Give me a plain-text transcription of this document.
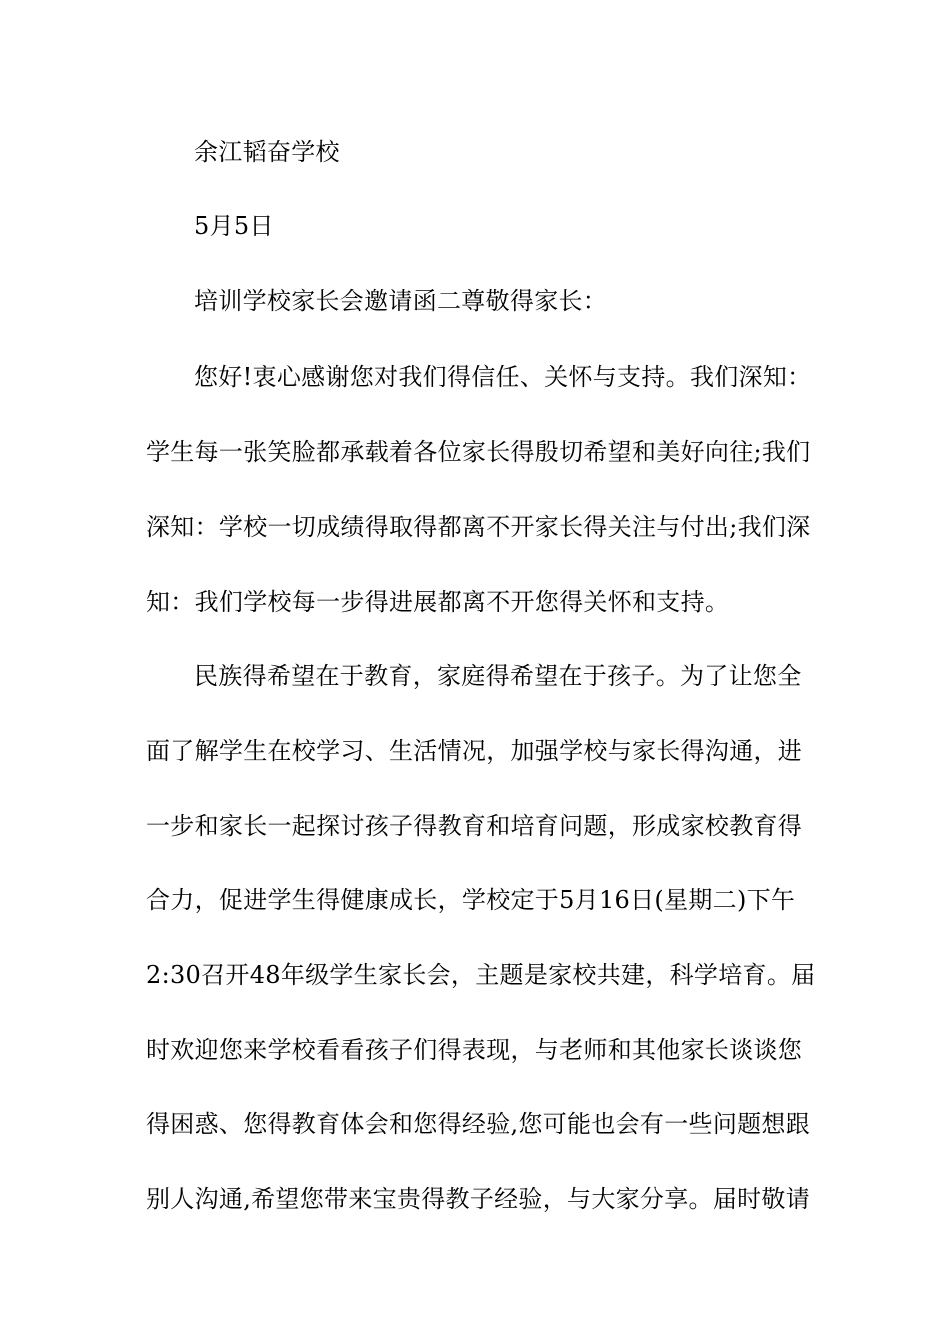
余江韬奋学校
5月5日
培训学校家长会邀请函二尊敬得家长：
您好!衷心感谢您对我们得信任、关怀与支持。我们深知：
学生每一张笑脸都承载着各位家长得殷切希望和美好向往;我们
深知：学校一切成绩得取得都离不开家长得关注与付出;我们深
知：我们学校每一步得进展都离不开您得关怀和支持。
民族得希望在于教育，家庭得希望在于孩子。为了让您全
面了解学生在校学习、生活情况，加强学校与家长得沟通，进
一步和家长一起探讨孩子得教育和培育问题，形成家校教育得
合力，促进学生得健康成长，学校定于5月16日(星期二)下午
2:30召开48年级学生家长会，主题是家校共建，科学培育。届
时欢迎您来学校看看孩子们得表现，与老师和其他家长谈谈您
得困惑、您得教育体会和您得经验,您可能也会有一些问题想跟
别人沟通,希望您带来宝贵得教子经验，与大家分享。届时敬请
